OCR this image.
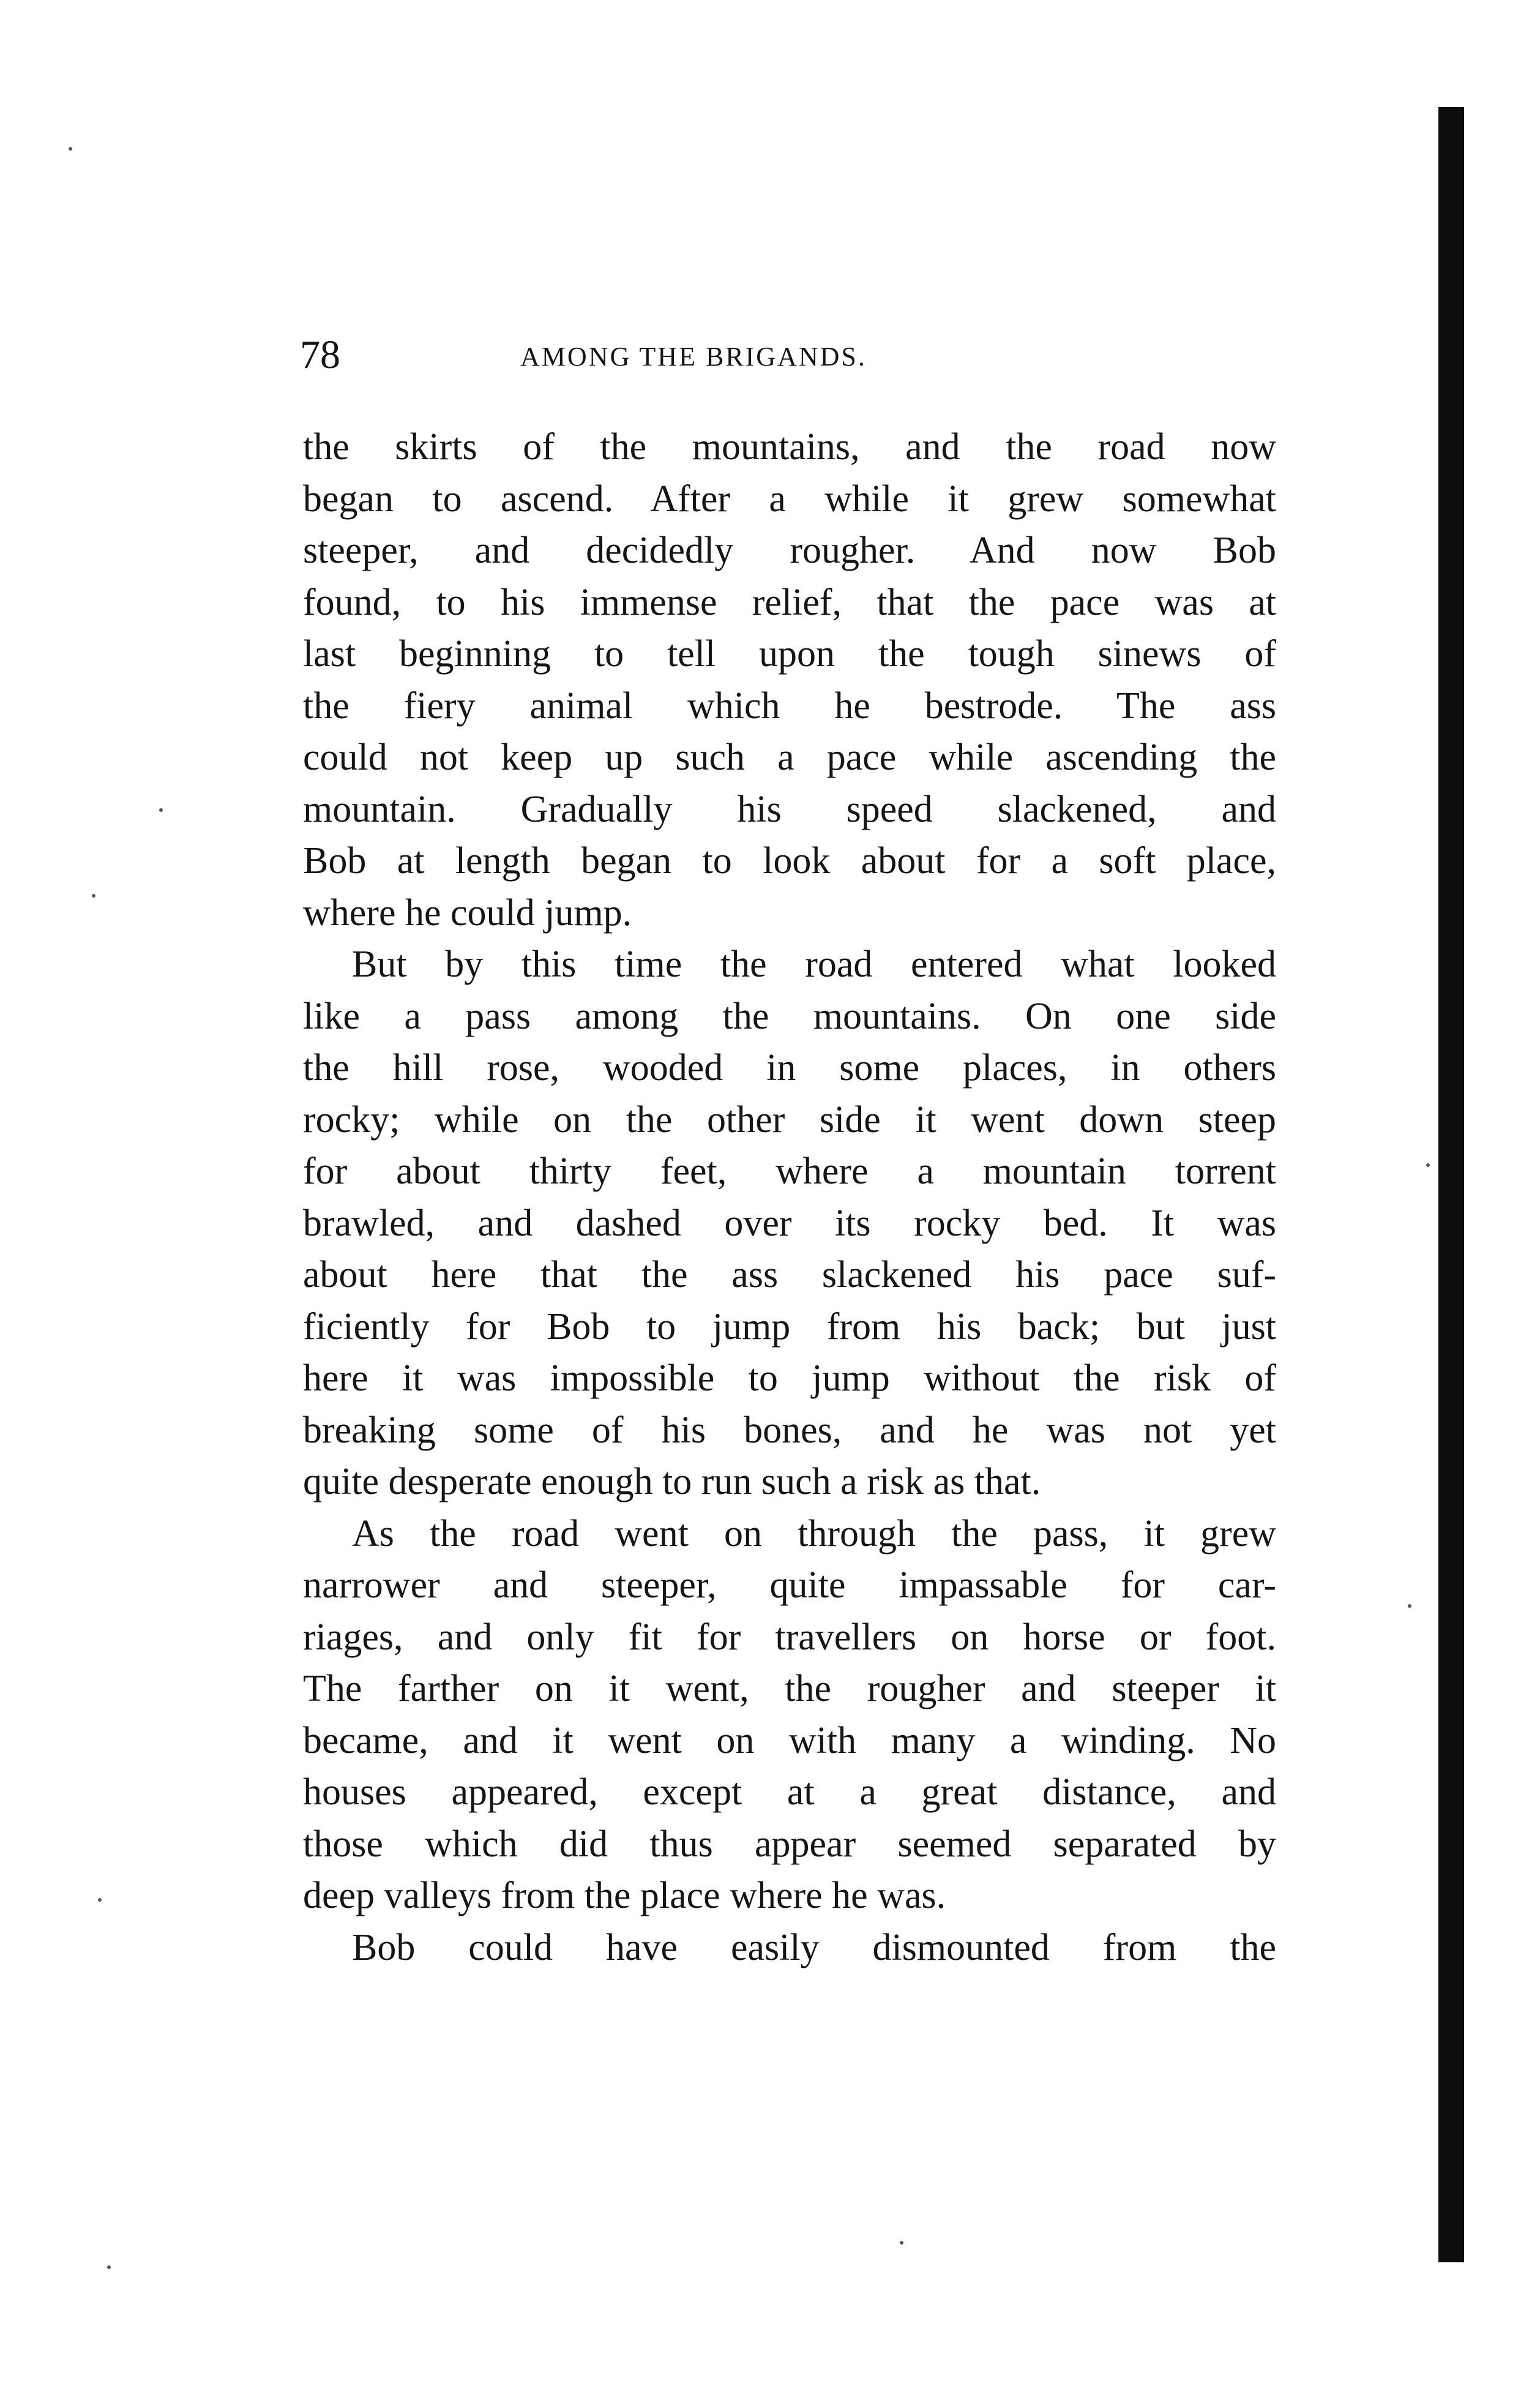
78	AMONG THE BRIGANDS.
the skirts of the mountains, and the road now
began to ascend. After a while it grew somewhat
steeper, and decidedly rougher. And now Bob
found, to his immense relief, that the pace was at
last beginning to tell upon the tough sinews of
the fiery animal which he bestrode. The ass
could not keep up such a pace while ascending the
mountain. Gradually his speed slackened, and
Bob at length began to look about for a soft place,
where he could jump.
But by this time the road entered what looked
like a pass among the mountains. On one side
the hill rose, wooded in some places, in others
rocky; while on the other side it went down steep
for about thirty feet, where a mountain torrent
brawled, and dashed over its rocky bed. It was
about here that the ass slackened his pace suf-
ficiently for Bob to jump from his back; but just
here it was impossible to jump without the risk of
breaking some of his bones, and he was not yet
quite desperate enough to run such a risk as that.
As the road went on through the pass, it grew
narrower and steeper, quite impassable for car-
riages, and only fit for travellers on horse or foot.
The farther on it went, the rougher and steeper it
became, and it went on with many a winding. No
houses appeared, except at a great distance, and
those which did thus appear seemed separated by
deep valleys from the place where he was.
Bob could have easily dismounted from the
